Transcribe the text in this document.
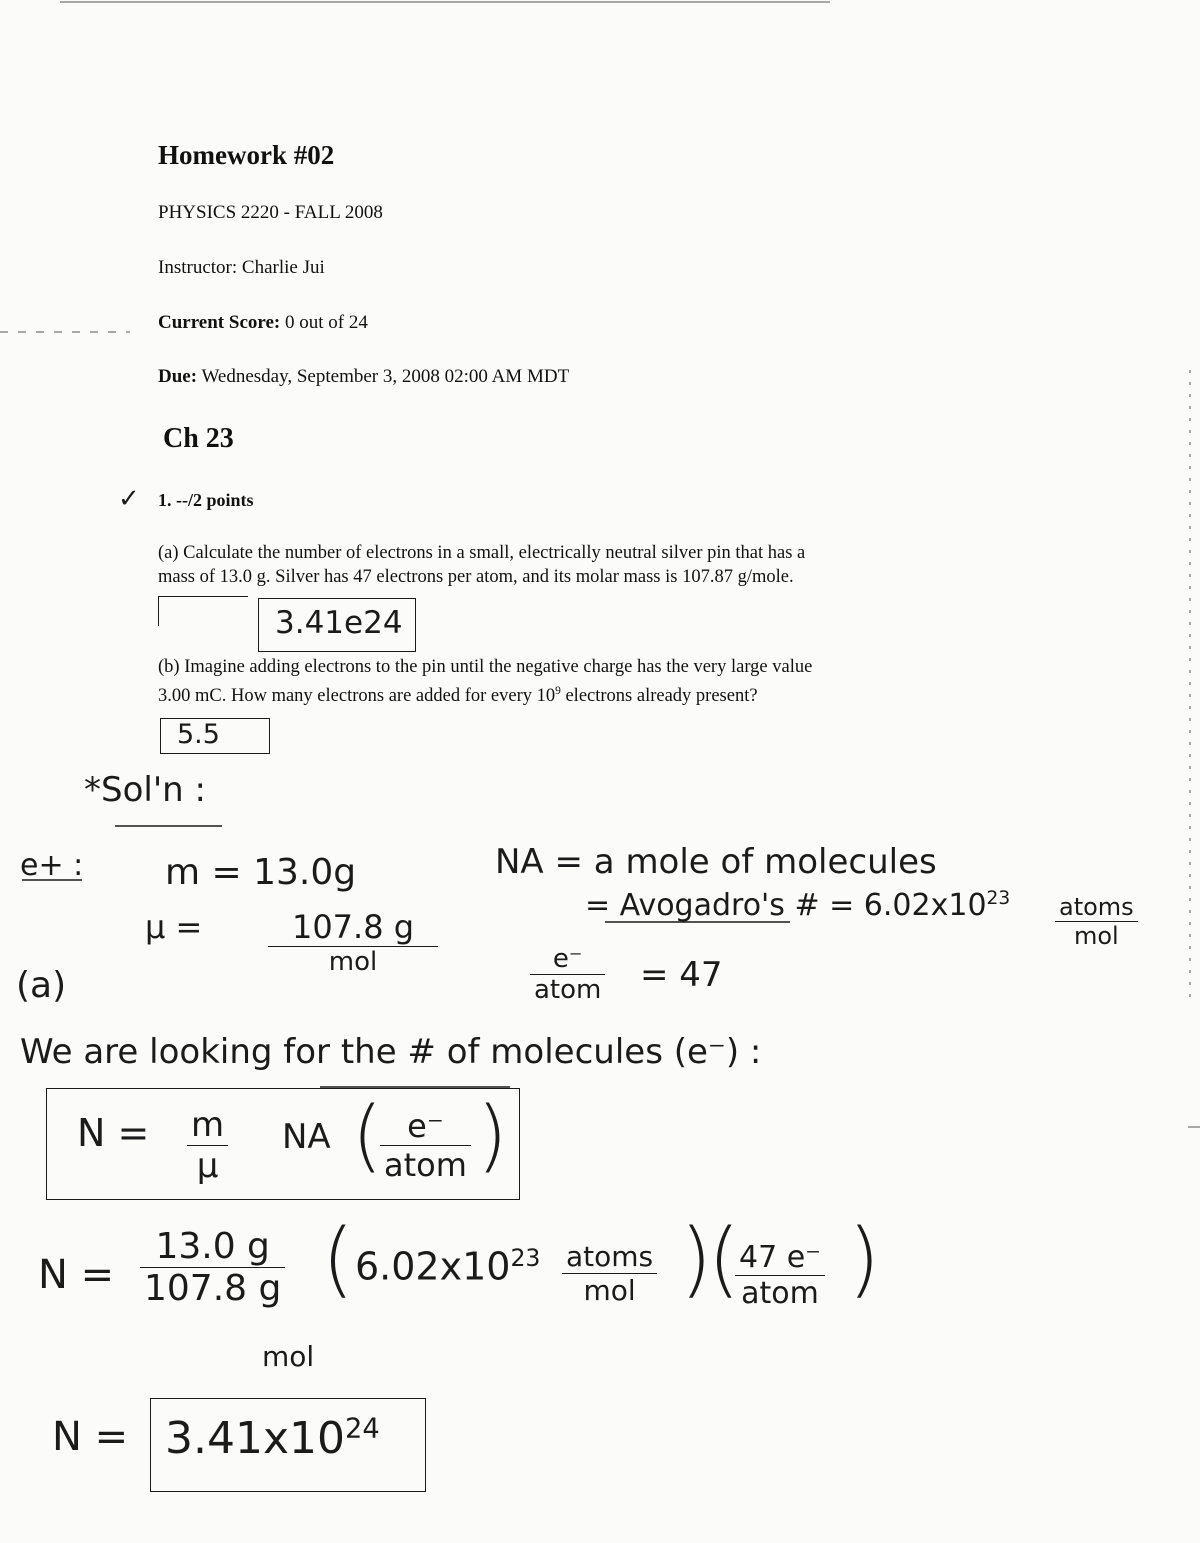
Homework #02
PHYSICS 2220 - FALL 2008
Instructor: Charlie Jui
Current Score: 0 out of 24
Due: Wednesday, September 3, 2008 02:00 AM MDT
Ch 23
✓ 1. --/2 points
(a) Calculate the number of electrons in a small, electrically neutral silver pin that has a
mass of 13.0 g. Silver has 47 electrons per atom, and its molar mass is 107.87 g/mole.
3.41e24
(b) Imagine adding electrons to the pin until the negative charge has the very large value
3.00 mC. How many electrons are added for every $10^9$ electrons already present?
5.5
*Sol'n :
e+ : m = 13.0g
μ =	107.8 g
mol
(a)
NA = a mole of molecules
= Avogadro's # = $6.02x10^{23}$ atoms
mol
e⁻
atom = 47
We are looking for the # of molecules (e⁻) :
$N = \frac{m}{\mu}$ NA ( e⁻
atom )
$N = \frac{13.0 g}{107.8 g}$
mol
( $6.02x10^{23}$ atoms
mol )
( 47 e⁻
atom )
$N = 3.41x10^{24}$
